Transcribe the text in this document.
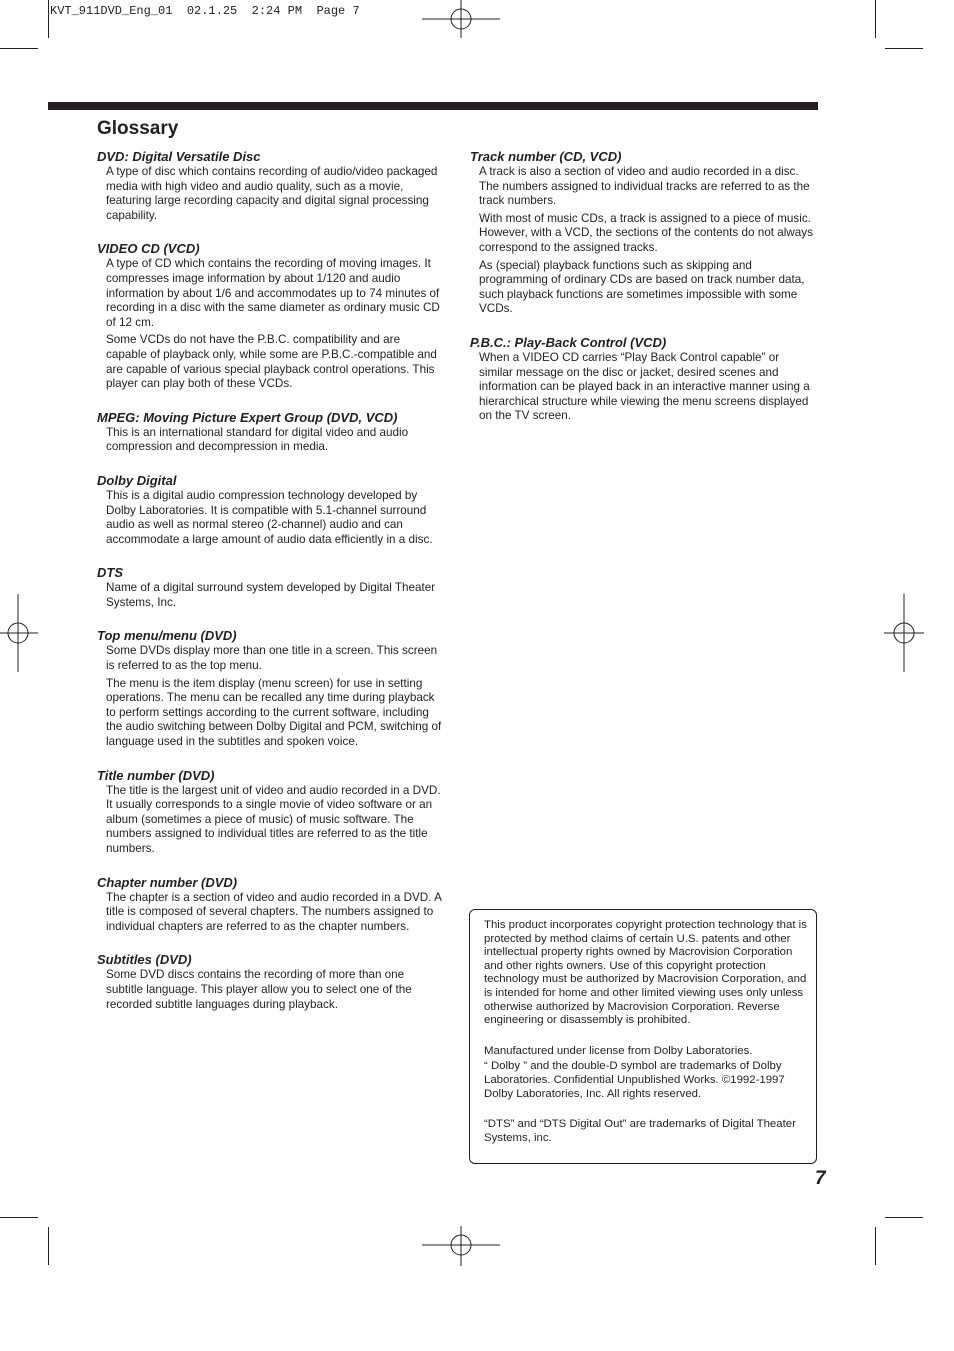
KVT_911DVD_Eng_01  02.1.25  2:24 PM  Page 7
Glossary
DVD: Digital Versatile Disc

A type of disc which contains recording of audio/video packaged media with high video and audio quality, such as a movie, featuring large recording capacity and digital signal processing capability.

VIDEO CD (VCD)

A type of CD which contains the recording of moving images. It compresses image information by about 1/120 and audio information by about 1/6 and accommodates up to 74 minutes of recording in a disc with the same diameter as ordinary music CD of 12 cm.

Some VCDs do not have the P.B.C. compatibility and are capable of playback only, while some are P.B.C.-compatible and are capable of various special playback control operations. This player can play both of these VCDs.

MPEG: Moving Picture Expert Group (DVD, VCD)

This is an international standard for digital video and audio compression and decompression in media.

Dolby Digital

This is a digital audio compression technology developed by Dolby Laboratories. It is compatible with 5.1-channel surround audio as well as normal stereo (2-channel) audio and can accommodate a large amount of audio data efficiently in a disc.

DTS

Name of a digital surround system developed by Digital Theater Systems, Inc.

Top menu/menu (DVD)

Some DVDs display more than one title in a screen. This screen is referred to as the top menu.

The menu is the item display (menu screen) for use in setting operations. The menu can be recalled any time during playback to perform settings according to the current software, including the audio switching between Dolby Digital and PCM, switching of language used in the subtitles and spoken voice.

Title number (DVD)

The title is the largest unit of video and audio recorded in a DVD. It usually corresponds to a single movie of video software or an album (sometimes a piece of music) of music software. The numbers assigned to individual titles are referred to as the title numbers.

Chapter number (DVD)

The chapter is a section of video and audio recorded in a DVD. A title is composed of several chapters. The numbers assigned to individual chapters are referred to as the chapter numbers.

Subtitles (DVD)

Some DVD discs contains the recording of more than one subtitle language. This player allow you to select one of the recorded subtitle languages during playback.

Track number (CD, VCD)

A track is also a section of video and audio recorded in a disc. The numbers assigned to individual tracks are referred to as the track numbers.

With most of music CDs, a track is assigned to a piece of music. However, with a VCD, the sections of the contents do not always correspond to the assigned tracks.

As (special) playback functions such as skipping and programming of ordinary CDs are based on track number data, such playback functions are sometimes impossible with some VCDs.

P.B.C.: Play-Back Control (VCD)

When a VIDEO CD carries “Play Back Control capable” or similar message on the disc or jacket, desired scenes and information can be played back in an interactive manner using a hierarchical structure while viewing the menu screens displayed on the TV screen.

This product incorporates copyright protection technology that is protected by method claims of certain U.S. patents and other intellectual property rights owned by Macrovision Corporation and other rights owners. Use of this copyright protection technology must be authorized by Macrovision Corporation, and is intended for home and other limited viewing uses only unless otherwise authorized by Macrovision Corporation. Reverse engineering or disassembly is prohibited.

Manufactured under license from Dolby Laboratories.

“ Dolby ” and the double-D symbol are trademarks of Dolby Laboratories. Confidential Unpublished Works. ©1992-1997 Dolby Laboratories, Inc. All rights reserved.

“DTS” and “DTS Digital Out” are trademarks of Digital Theater Systems, inc.

7
